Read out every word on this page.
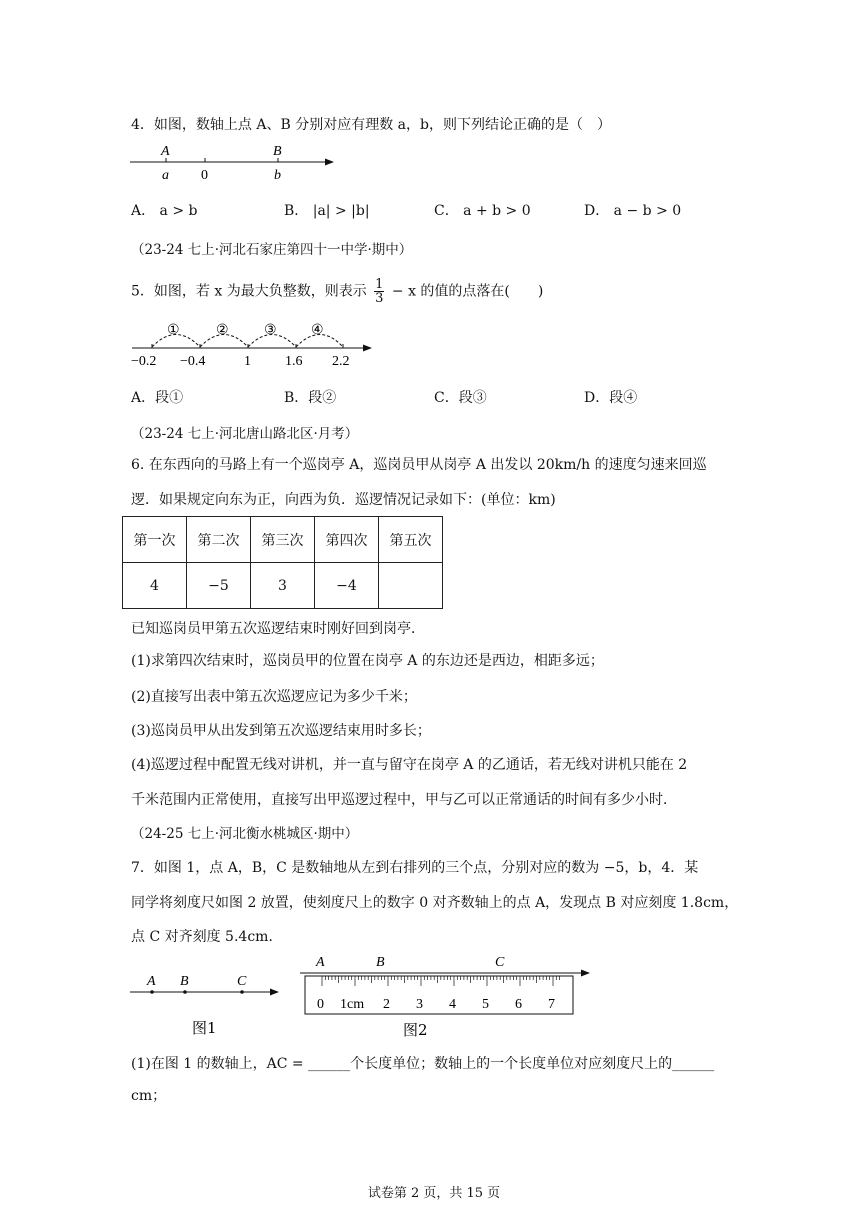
4．如图，数轴上点 A、B 分别对应有理数 a，b，则下列结论正确的是（　）
A	B
a 0	b
A． a > b	B． |a| > |b|	C． a + b > 0	D． a − b > 0
（23-24 七上·河北石家庄第四十一中学·期中）
5．如图，若 x 为最大负整数，则表示 $\frac{1}{3} - x$ 的值的点落在(　　)
①	②	③ ④
−0.2 −0.4	1 1.6 2.2
A．段①	B．段②	C．段③	D．段④
（23-24 七上·河北唐山路北区·月考）
6. 在东西向的马路上有一个巡岗亭 A，巡岗员甲从岗亭 A 出发以 20km/h 的速度匀速来回巡
逻．如果规定向东为正，向西为负．巡逻情况记录如下：(单位：km)
第一次	第二次	第三次	第四次	第五次
4	−5	3	−4	
已知巡岗员甲第五次巡逻结束时刚好回到岗亭．
(1)求第四次结束时，巡岗员甲的位置在岗亭 A 的东边还是西边，相距多远；
(2)直接写出表中第五次巡逻应记为多少千米；
(3)巡岗员甲从出发到第五次巡逻结束用时多长；
(4)巡逻过程中配置无线对讲机，并一直与留守在岗亭 A 的乙通话，若无线对讲机只能在 2
千米范围内正常使用，直接写出甲巡逻过程中，甲与乙可以正常通话的时间有多少小时．
（24-25 七上·河北衡水桃城区·期中）
7．如图 1，点 A，B，C 是数轴地从左到右排列的三个点，分别对应的数为 −5，b，4．某
同学将刻度尺如图 2 放置，使刻度尺上的数字 0 对齐数轴上的点 A，发现点 B 对应刻度 1.8cm，
点 C 对齐刻度 5.4cm．
A B	C
图1
A	B	C
0 1cm 2 3 4 5 6 7
图2
(1)在图 1 的数轴上，AC = ______个长度单位；数轴上的一个长度单位对应刻度尺上的______
cm；
试卷第 2 页，共 15 页
